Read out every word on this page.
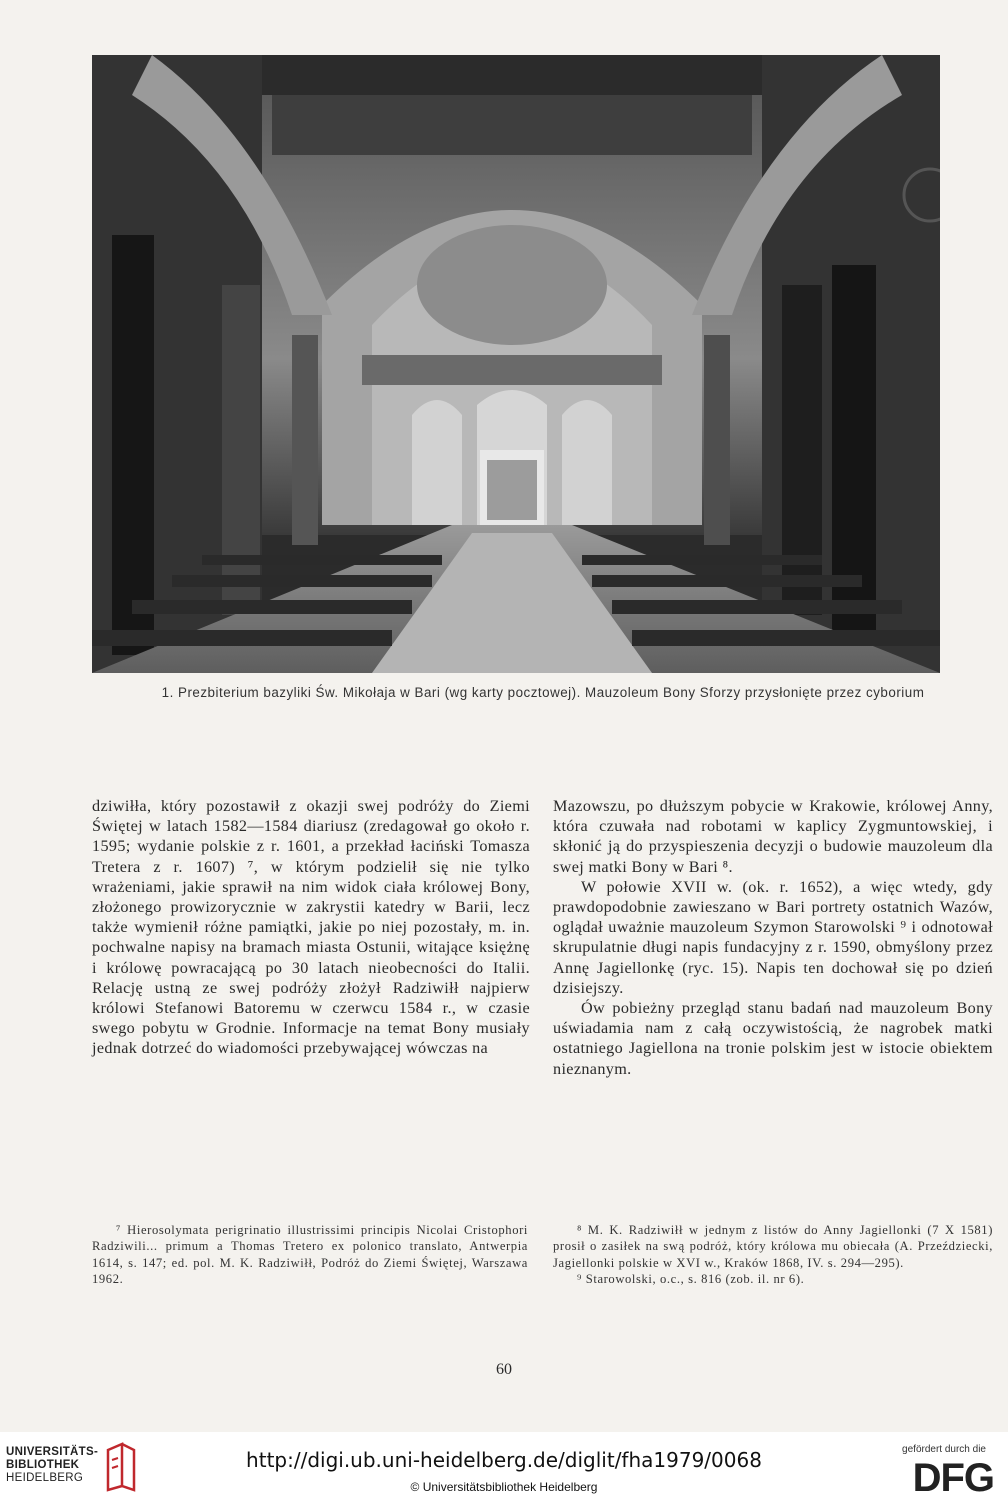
1. Prezbiterium bazyliki Św. Mikołaja w Bari (wg karty pocztowej). Mauzoleum Bony Sforzy przysłonięte przez cyborium

dziwiłła, który pozostawił z okazji swej podróży do Ziemi Świętej w latach 1582—1584 diariusz (zredagował go około r. 1595; wydanie polskie z r. 1601, a przekład łaciński Tomasza Tretera z r. 1607) ⁷, w którym podzielił się nie tylko wrażeniami, jakie sprawił na nim widok ciała królowej Bony, złożonego prowizorycznie w zakrystii katedry w Barii, lecz także wymienił różne pamiątki, jakie po niej pozostały, m. in. pochwalne napisy na bramach miasta Ostunii, witające księżnę i królowę powracającą po 30 latach nieobecności do Italii. Relację ustną ze swej podróży złożył Radziwiłł najpierw królowi Stefanowi Batoremu w czerwcu 1584 r., w czasie swego pobytu w Grodnie. Informacje na temat Bony musiały jednak dotrzeć do wiadomości przebywającej wówczas na

Mazowszu, po dłuższym pobycie w Krakowie, królowej Anny, która czuwała nad robotami w kaplicy Zygmuntowskiej, i skłonić ją do przyspieszenia decyzji o budowie mauzoleum dla swej matki Bony w Bari ⁸.

W połowie XVII w. (ok. r. 1652), a więc wtedy, gdy prawdopodobnie zawieszano w Bari portrety ostatnich Wazów, oglądał uważnie mauzoleum Szymon Starowolski ⁹ i odnotował skrupulatnie długi napis fundacyjny z r. 1590, obmyślony przez Annę Jagiellonkę (ryc. 15). Napis ten dochował się po dzień dzisiejszy.

Ów pobieżny przegląd stanu badań nad mauzoleum Bony uświadamia nam z całą oczywistością, że nagrobek matki ostatniego Jagiellona na tronie polskim jest w istocie obiektem nieznanym.

⁷ Hierosolymata perigrinatio illustrissimi principis Nicolai Cristophori Radziwili... primum a Thomas Tretero ex polonico translato, Antwerpia 1614, s. 147; ed. pol. M. K. Radziwiłł, Podróż do Ziemi Świętej, Warszawa 1962.

⁸ M. K. Radziwiłł w jednym z listów do Anny Jagiellonki (7 X 1581) prosił o zasiłek na swą podróż, który królowa mu obiecała (A. Przeździecki, Jagiellonki polskie w XVI w., Kraków 1868, IV. s. 294—295).

⁹ Starowolski, o.c., s. 816 (zob. il. nr 6).

60
UNIVERSITÄTS-
BIBLIOTHEK
HEIDELBERG
http://digi.ub.uni-heidelberg.de/diglit/fha1979/0068
© Universitätsbibliothek Heidelberg
gefördert durch die
DFG
